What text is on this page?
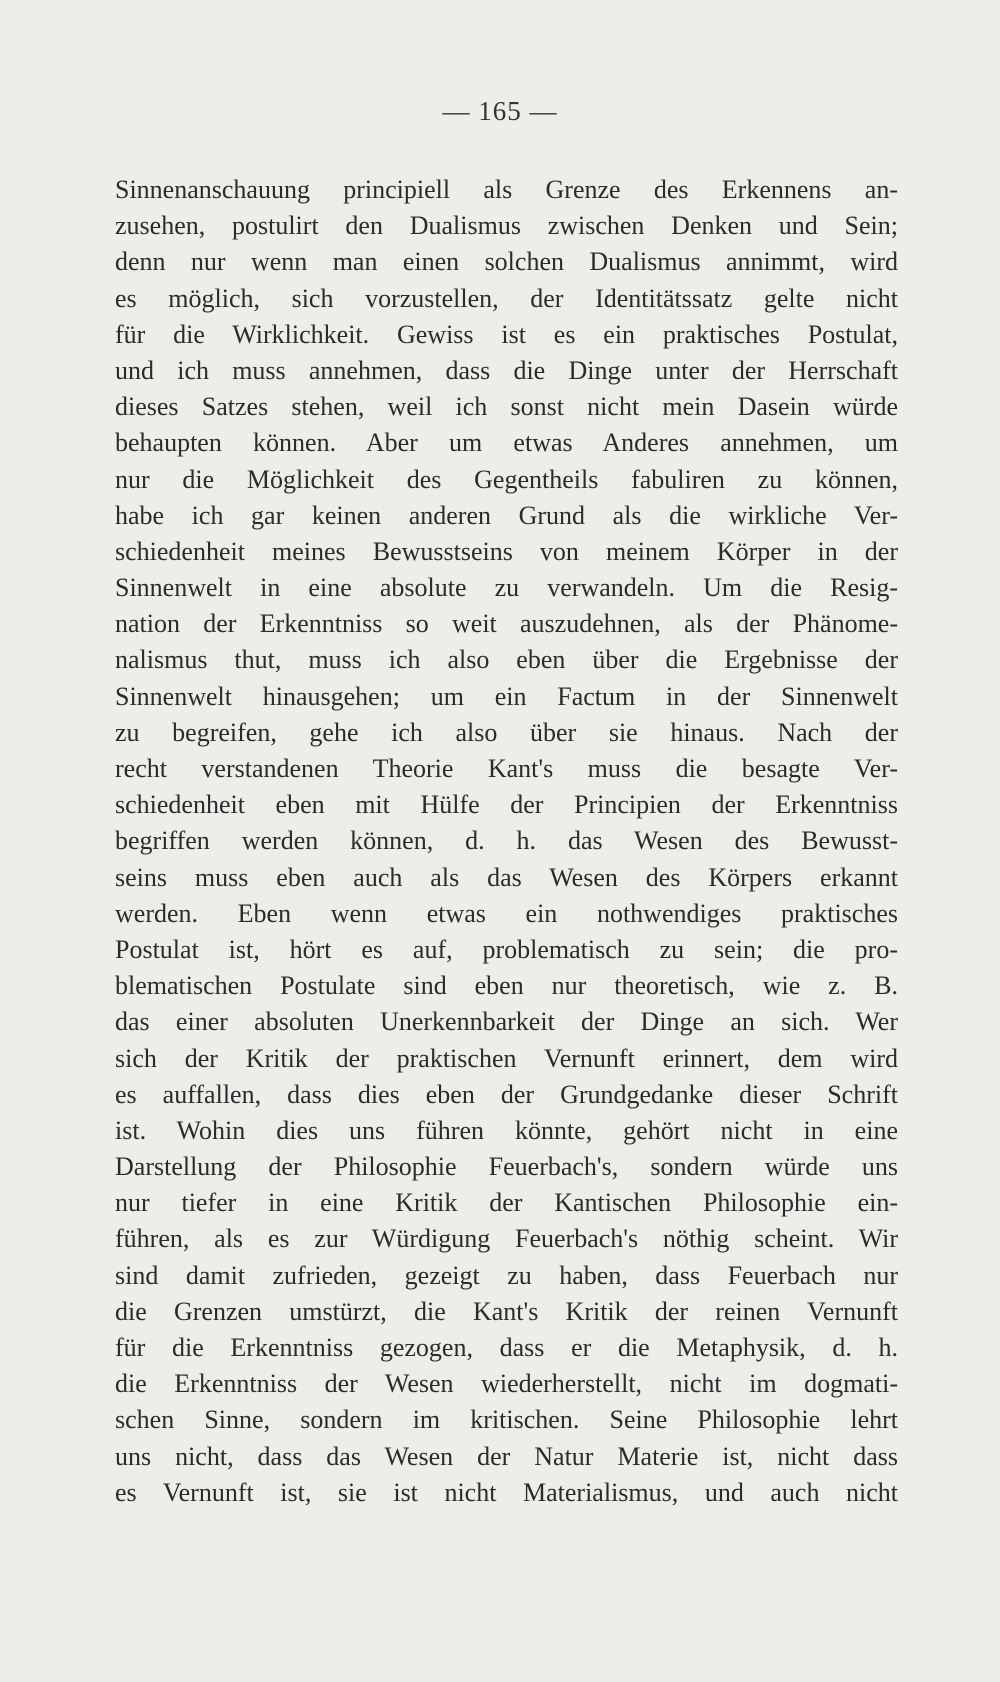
— 165 —
Sinnenanschauung principiell als Grenze des Erkennens an-
zusehen, postulirt den Dualismus zwischen Denken und Sein;
denn nur wenn man einen solchen Dualismus annimmt, wird
es möglich, sich vorzustellen, der Identitätssatz gelte nicht
für die Wirklichkeit. Gewiss ist es ein praktisches Postulat,
und ich muss annehmen, dass die Dinge unter der Herrschaft
dieses Satzes stehen, weil ich sonst nicht mein Dasein würde
behaupten können. Aber um etwas Anderes annehmen, um
nur die Möglichkeit des Gegentheils fabuliren zu können,
habe ich gar keinen anderen Grund als die wirkliche Ver-
schiedenheit meines Bewusstseins von meinem Körper in der
Sinnenwelt in eine absolute zu verwandeln. Um die Resig-
nation der Erkenntniss so weit auszudehnen, als der Phänome-
nalismus thut, muss ich also eben über die Ergebnisse der
Sinnenwelt hinausgehen; um ein Factum in der Sinnenwelt
zu begreifen, gehe ich also über sie hinaus. Nach der
recht verstandenen Theorie Kant's muss die besagte Ver-
schiedenheit eben mit Hülfe der Principien der Erkenntniss
begriffen werden können, d. h. das Wesen des Bewusst-
seins muss eben auch als das Wesen des Körpers erkannt
werden. Eben wenn etwas ein nothwendiges praktisches
Postulat ist, hört es auf, problematisch zu sein; die pro-
blematischen Postulate sind eben nur theoretisch, wie z. B.
das einer absoluten Unerkennbarkeit der Dinge an sich. Wer
sich der Kritik der praktischen Vernunft erinnert, dem wird
es auffallen, dass dies eben der Grundgedanke dieser Schrift
ist. Wohin dies uns führen könnte, gehört nicht in eine
Darstellung der Philosophie Feuerbach's, sondern würde uns
nur tiefer in eine Kritik der Kantischen Philosophie ein-
führen, als es zur Würdigung Feuerbach's nöthig scheint. Wir
sind damit zufrieden, gezeigt zu haben, dass Feuerbach nur
die Grenzen umstürzt, die Kant's Kritik der reinen Vernunft
für die Erkenntniss gezogen, dass er die Metaphysik, d. h.
die Erkenntniss der Wesen wiederherstellt, nicht im dogmati-
schen Sinne, sondern im kritischen. Seine Philosophie lehrt
uns nicht, dass das Wesen der Natur Materie ist, nicht dass
es Vernunft ist, sie ist nicht Materialismus, und auch nicht
